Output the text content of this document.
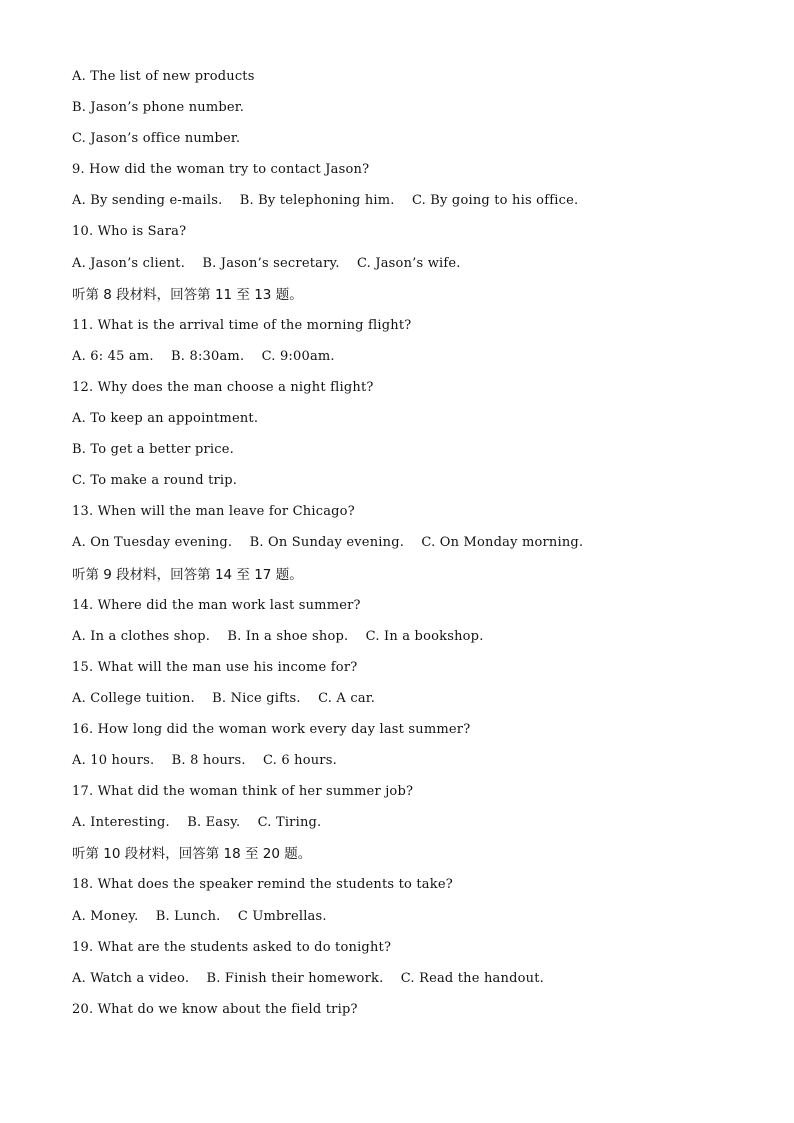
A. The list of new products
B. Jason’s phone number.
C. Jason’s office number.
9. How did the woman try to contact Jason?
A. By sending e-mails.    B. By telephoning him.    C. By going to his office.
10. Who is Sara?
A. Jason’s client.    B. Jason’s secretary.    C. Jason’s wife.
听第 8 段材料，回答第 11 至 13 题。
11. What is the arrival time of the morning flight?
A. 6: 45 am.    B. 8:30am.    C. 9:00am.
12. Why does the man choose a night flight?
A. To keep an appointment.
B. To get a better price.
C. To make a round trip.
13. When will the man leave for Chicago?
A. On Tuesday evening.    B. On Sunday evening.    C. On Monday morning.
听第 9 段材料，回答第 14 至 17 题。
14. Where did the man work last summer?
A. In a clothes shop.    B. In a shoe shop.    C. In a bookshop.
15. What will the man use his income for?
A. College tuition.    B. Nice gifts.    C. A car.
16. How long did the woman work every day last summer?
A. 10 hours.    B. 8 hours.    C. 6 hours.
17. What did the woman think of her summer job?
A. Interesting.    B. Easy.    C. Tiring.
听第 10 段材料，回答第 18 至 20 题。
18. What does the speaker remind the students to take?
A. Money.    B. Lunch.    C Umbrellas.
19. What are the students asked to do tonight?
A. Watch a video.    B. Finish their homework.    C. Read the handout.
20. What do we know about the field trip?
